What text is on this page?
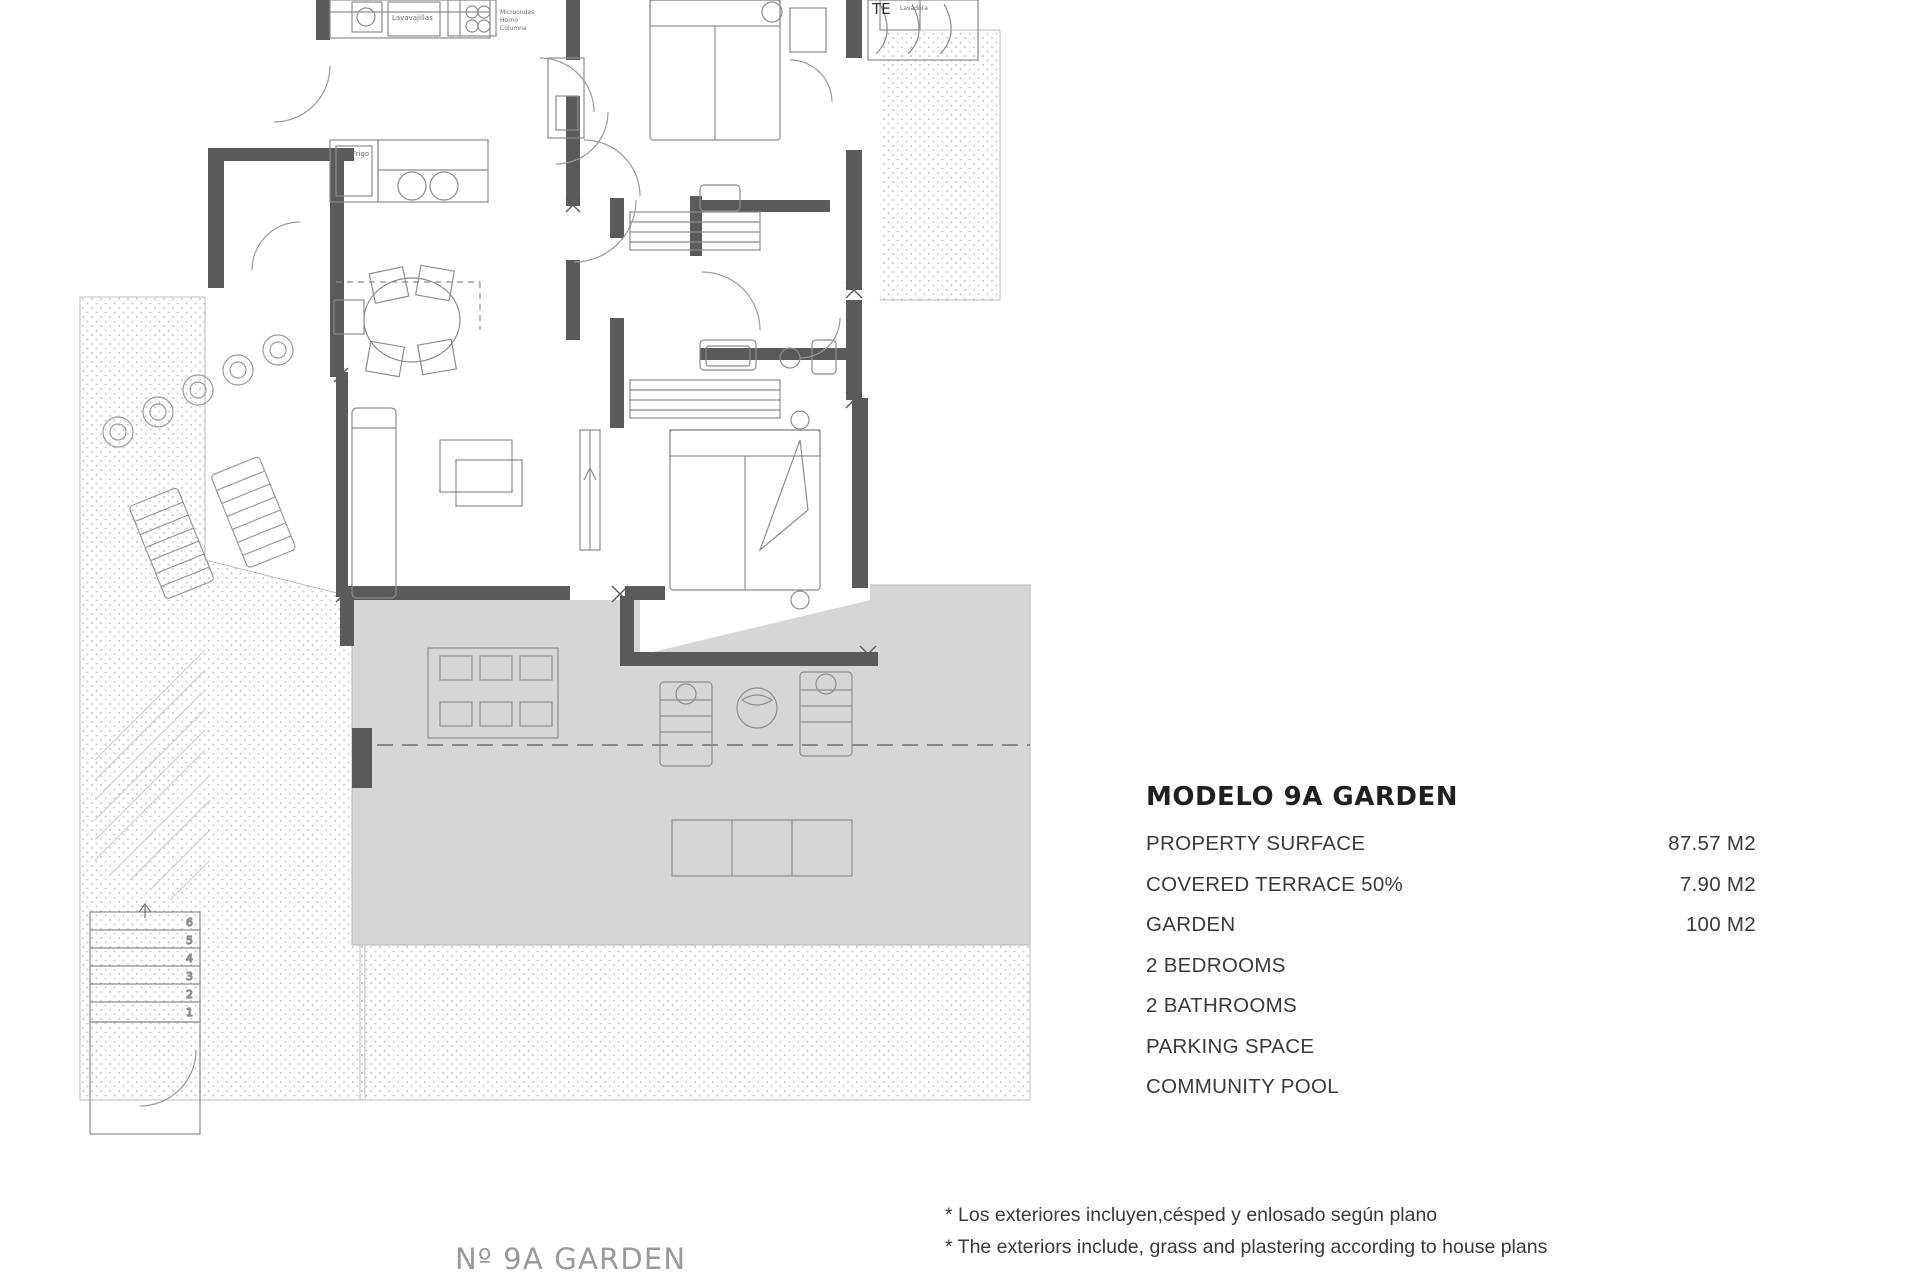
6
5
4
3
2
1
Lavavajillas
Microondas
Horno
Columna
Frigo
Lavadora
TE
MODELO 9A GARDEN
PROPERTY SURFACE	87.57 M2
COVERED TERRACE 50%	7.90 M2
GARDEN	100 M2
2 BEDROOMS
2 BATHROOMS
PARKING SPACE
COMMUNITY POOL
* Los exteriores incluyen,césped y enlosado según plano
* The exteriors include, grass and plastering according to house plans
Nº 9A GARDEN
